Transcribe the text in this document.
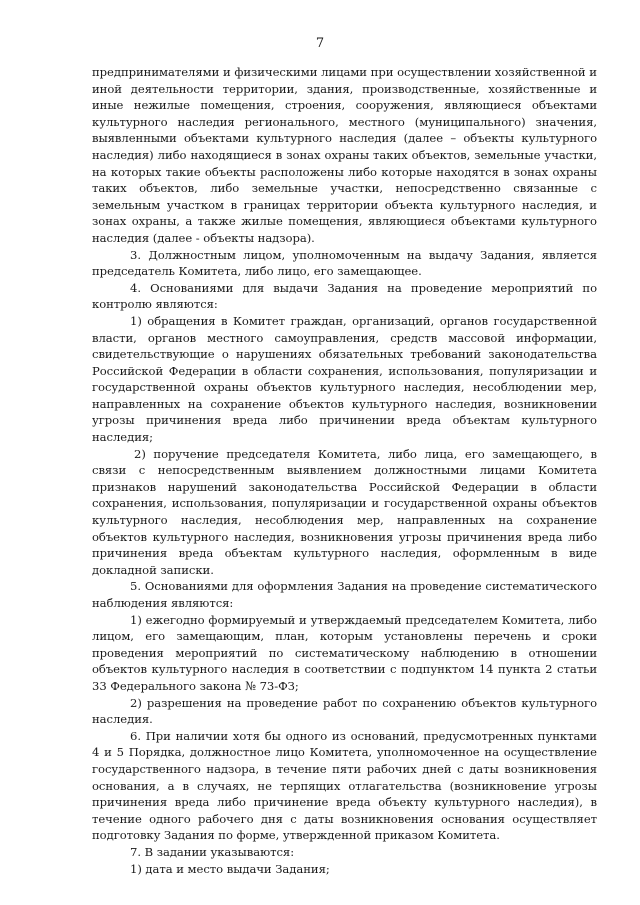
7

предпринимателями и физическими лицами при осуществлении хозяйственной и иной деятельности территории, здания, производственные, хозяйственные и иные нежилые помещения, строения, сооружения, являющиеся объектами культурного наследия регионального, местного (муниципального) значения, выявленными объектами культурного наследия (далее – объекты культурного наследия) либо находящиеся в зонах охраны таких объектов, земельные участки, на которых такие объекты расположены либо которые находятся в зонах охраны таких объектов, либо земельные участки, непосредственно связанные с земельным участком в границах территории объекта культурного наследия, и зонах охраны, а также жилые помещения, являющиеся объектами культурного наследия (далее - объекты надзора).

3. Должностным лицом, уполномоченным на выдачу Задания, является председатель Комитета, либо лицо, его замещающее.

4. Основаниями для выдачи Задания на проведение мероприятий по контролю являются:

1) обращения в Комитет граждан, организаций, органов государственной власти, органов местного самоуправления, средств массовой информации, свидетельствующие о нарушениях обязательных требований законодательства Российской Федерации в области сохранения, использования, популяризации и государственной охраны объектов культурного наследия, несоблюдении мер, направленных на сохранение объектов культурного наследия, возникновении угрозы причинения вреда либо причинении вреда объектам культурного наследия;

2) поручение председателя Комитета, либо лица, его замещающего, в связи с непосредственным выявлением должностными лицами Комитета признаков нарушений законодательства Российской Федерации в области сохранения, использования, популяризации и государственной охраны объектов культурного наследия, несоблюдения мер, направленных на сохранение объектов культурного наследия, возникновения угрозы причинения вреда либо причинения вреда объектам культурного наследия, оформленным в виде докладной записки.

5. Основаниями для оформления Задания на проведение систематического наблюдения являются:

1) ежегодно формируемый и утверждаемый председателем Комитета, либо лицом, его замещающим, план, которым установлены перечень и сроки проведения мероприятий по систематическому наблюдению в отношении объектов культурного наследия в соответствии с подпунктом 14 пункта 2 статьи 33 Федерального закона № 73-ФЗ;

2) разрешения на проведение работ по сохранению объектов культурного наследия.

6. При наличии хотя бы одного из оснований, предусмотренных пунктами 4 и 5 Порядка, должностное лицо Комитета, уполномоченное на осуществление государственного надзора, в течение пяти рабочих дней с даты возникновения основания, а в случаях, не терпящих отлагательства (возникновение угрозы причинения вреда либо причинение вреда объекту культурного наследия), в течение одного рабочего дня с даты возникновения основания осуществляет подготовку Задания по форме, утвержденной приказом Комитета.

7. В задании указываются:

1) дата и место выдачи Задания;
